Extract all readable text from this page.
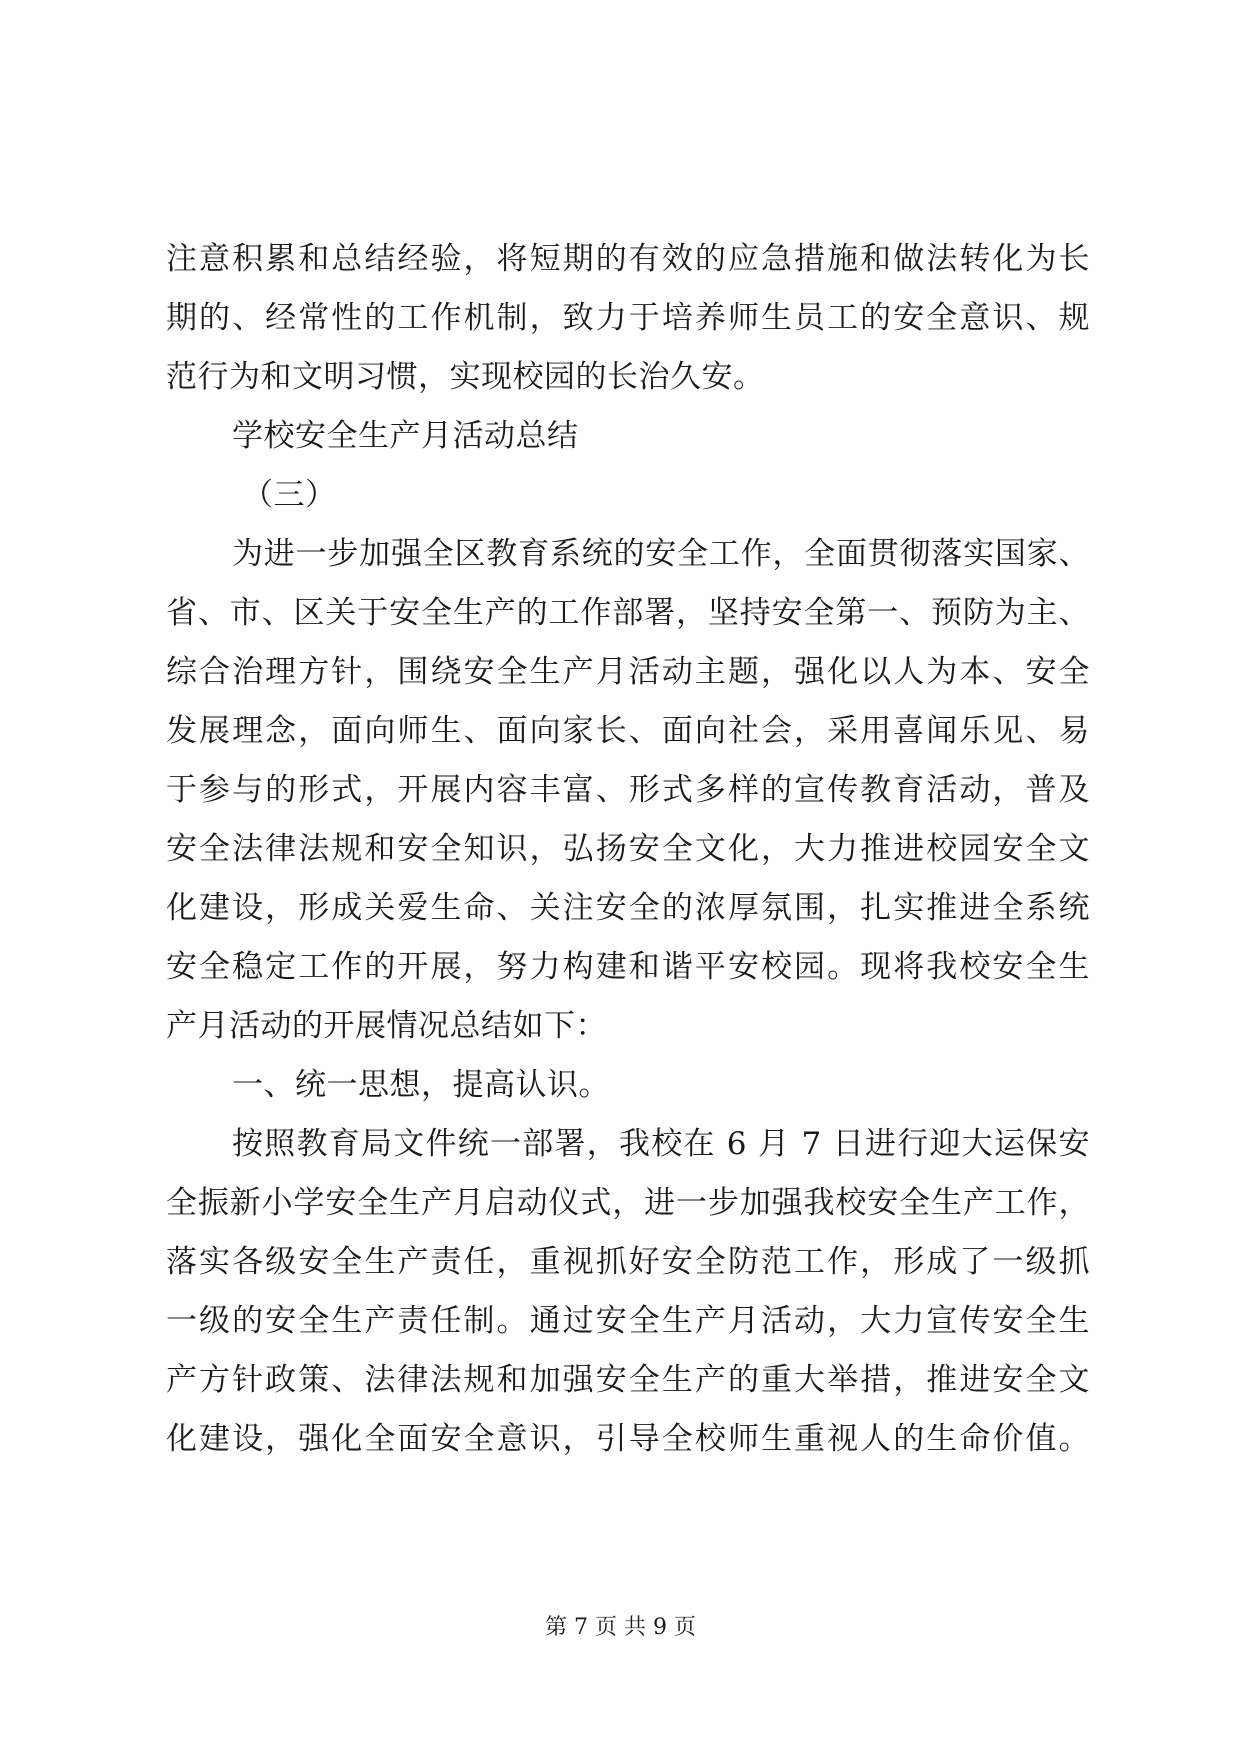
注意积累和总结经验，将短期的有效的应急措施和做法转化为长
期的、经常性的工作机制，致力于培养师生员工的安全意识、规
范行为和文明习惯，实现校园的长治久安。
学校安全生产月活动总结
（三）
为进一步加强全区教育系统的安全工作，全面贯彻落实国家、
省、市、区关于安全生产的工作部署，坚持安全第一、预防为主、
综合治理方针，围绕安全生产月活动主题，强化以人为本、安全
发展理念，面向师生、面向家长、面向社会，采用喜闻乐见、易
于参与的形式，开展内容丰富、形式多样的宣传教育活动，普及
安全法律法规和安全知识，弘扬安全文化，大力推进校园安全文
化建设，形成关爱生命、关注安全的浓厚氛围，扎实推进全系统
安全稳定工作的开展，努力构建和谐平安校园。现将我校安全生
产月活动的开展情况总结如下：
一、统一思想，提高认识。
按照教育局文件统一部署，我校在 6 月 7 日进行迎大运保安
全振新小学安全生产月启动仪式，进一步加强我校安全生产工作，
落实各级安全生产责任，重视抓好安全防范工作，形成了一级抓
一级的安全生产责任制。通过安全生产月活动，大力宣传安全生
产方针政策、法律法规和加强安全生产的重大举措，推进安全文
化建设，强化全面安全意识，引导全校师生重视人的生命价值。
第 7 页 共 9 页
